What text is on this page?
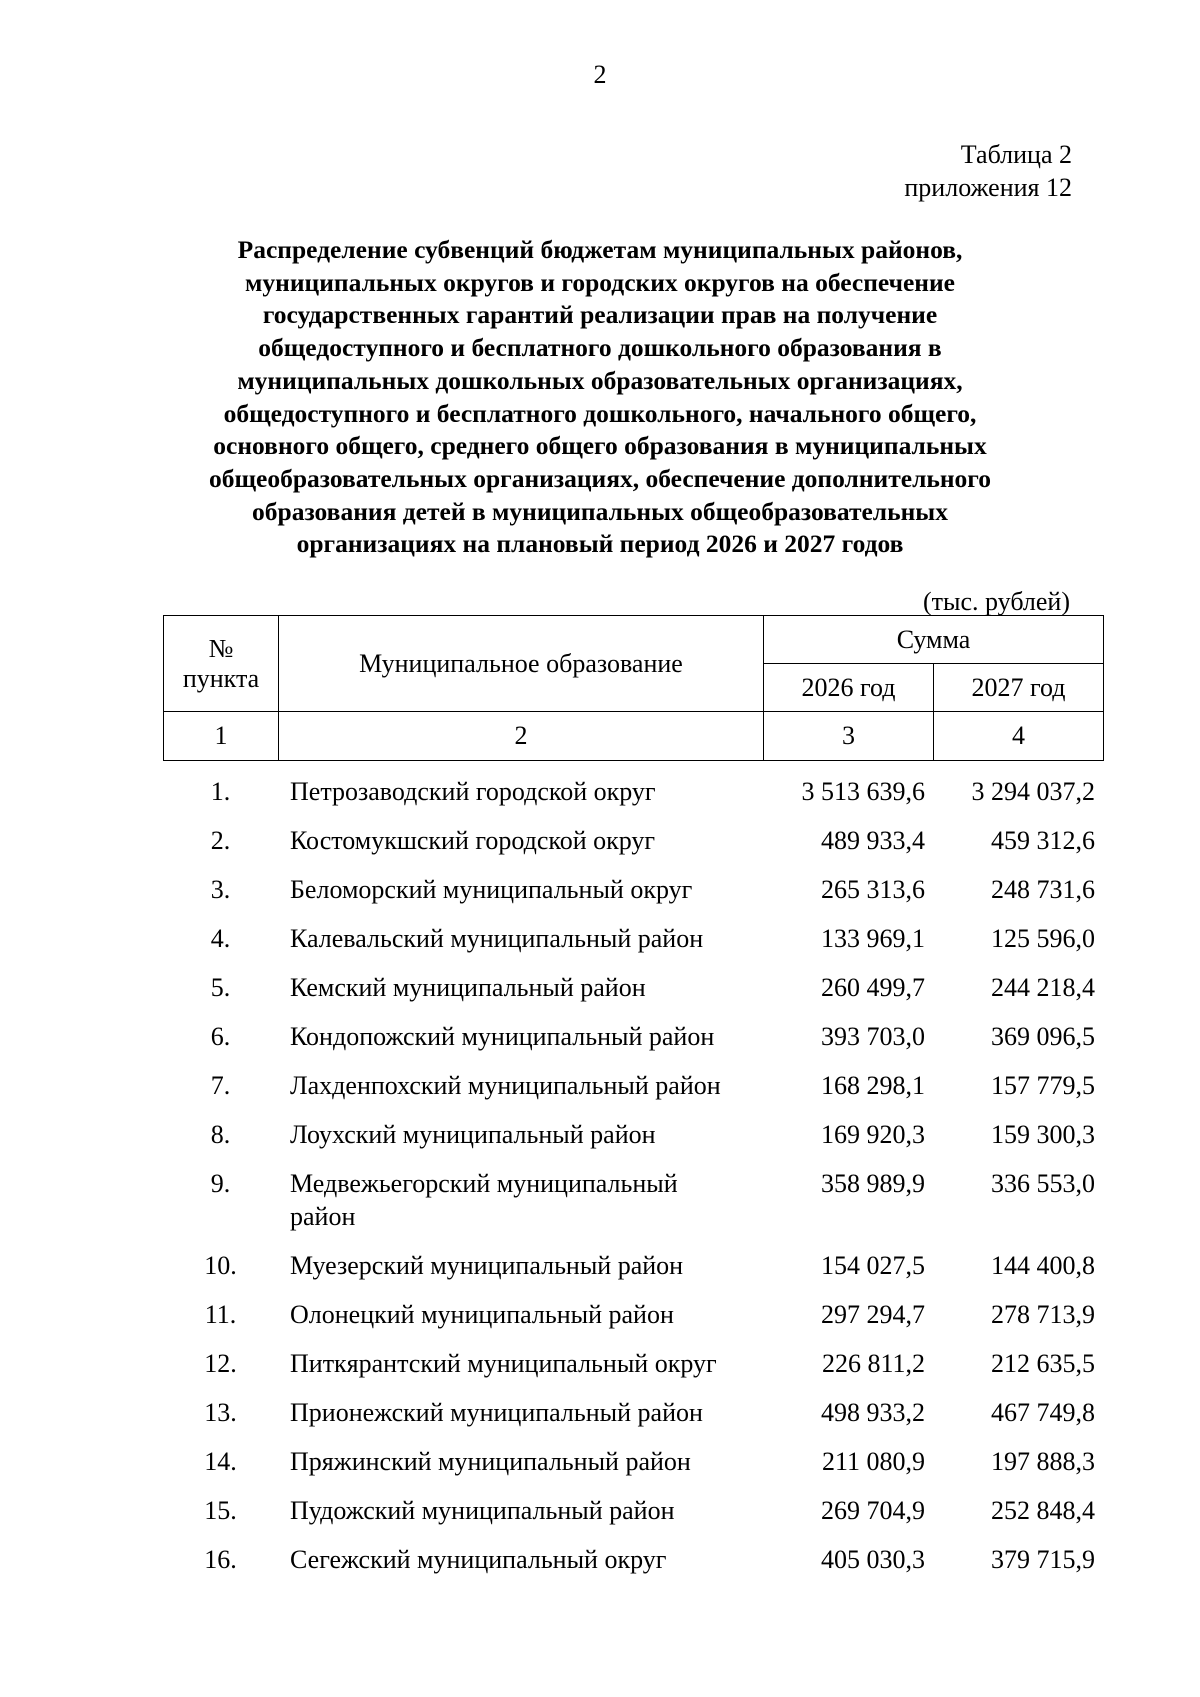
2
Таблица 2
приложения 12
Распределение субвенций бюджетам муниципальных районов,
муниципальных округов и городских округов на обеспечение
государственных гарантий реализации прав на получение
общедоступного и бесплатного дошкольного образования в
муниципальных дошкольных образовательных организациях,
общедоступного и бесплатного дошкольного, начального общего,
основного общего, среднего общего образования в муниципальных
общеобразовательных организациях, обеспечение дополнительного
образования детей в муниципальных общеобразовательных
организациях на плановый период 2026 и 2027 годов
(тыс. рублей)
№
пункта	Муниципальное образование	Сумма	
		2026 год	2027 год
1	2	3	4
1.	Петрозаводский городской округ	3 513 639,6	3 294 037,2
2.	Костомукшский городской округ	489 933,4	459 312,6
3.	Беломорский муниципальный округ	265 313,6	248 731,6
4.	Калевальский муниципальный район	133 969,1	125 596,0
5.	Кемский муниципальный район	260 499,7	244 218,4
6.	Кондопожский муниципальный район	393 703,0	369 096,5
7.	Лахденпохский муниципальный район	168 298,1	157 779,5
8.	Лоухский муниципальный район	169 920,3	159 300,3
9.	Медвежьегорский муниципальный
район	358 989,9	336 553,0
10.	Муезерский муниципальный район	154 027,5	144 400,8
11.	Олонецкий муниципальный район	297 294,7	278 713,9
12.	Питкярантский муниципальный округ	226 811,2	212 635,5
13.	Прионежский муниципальный район	498 933,2	467 749,8
14.	Пряжинский муниципальный район	211 080,9	197 888,3
15.	Пудожский муниципальный район	269 704,9	252 848,4
16.	Сегежский муниципальный округ	405 030,3	379 715,9
